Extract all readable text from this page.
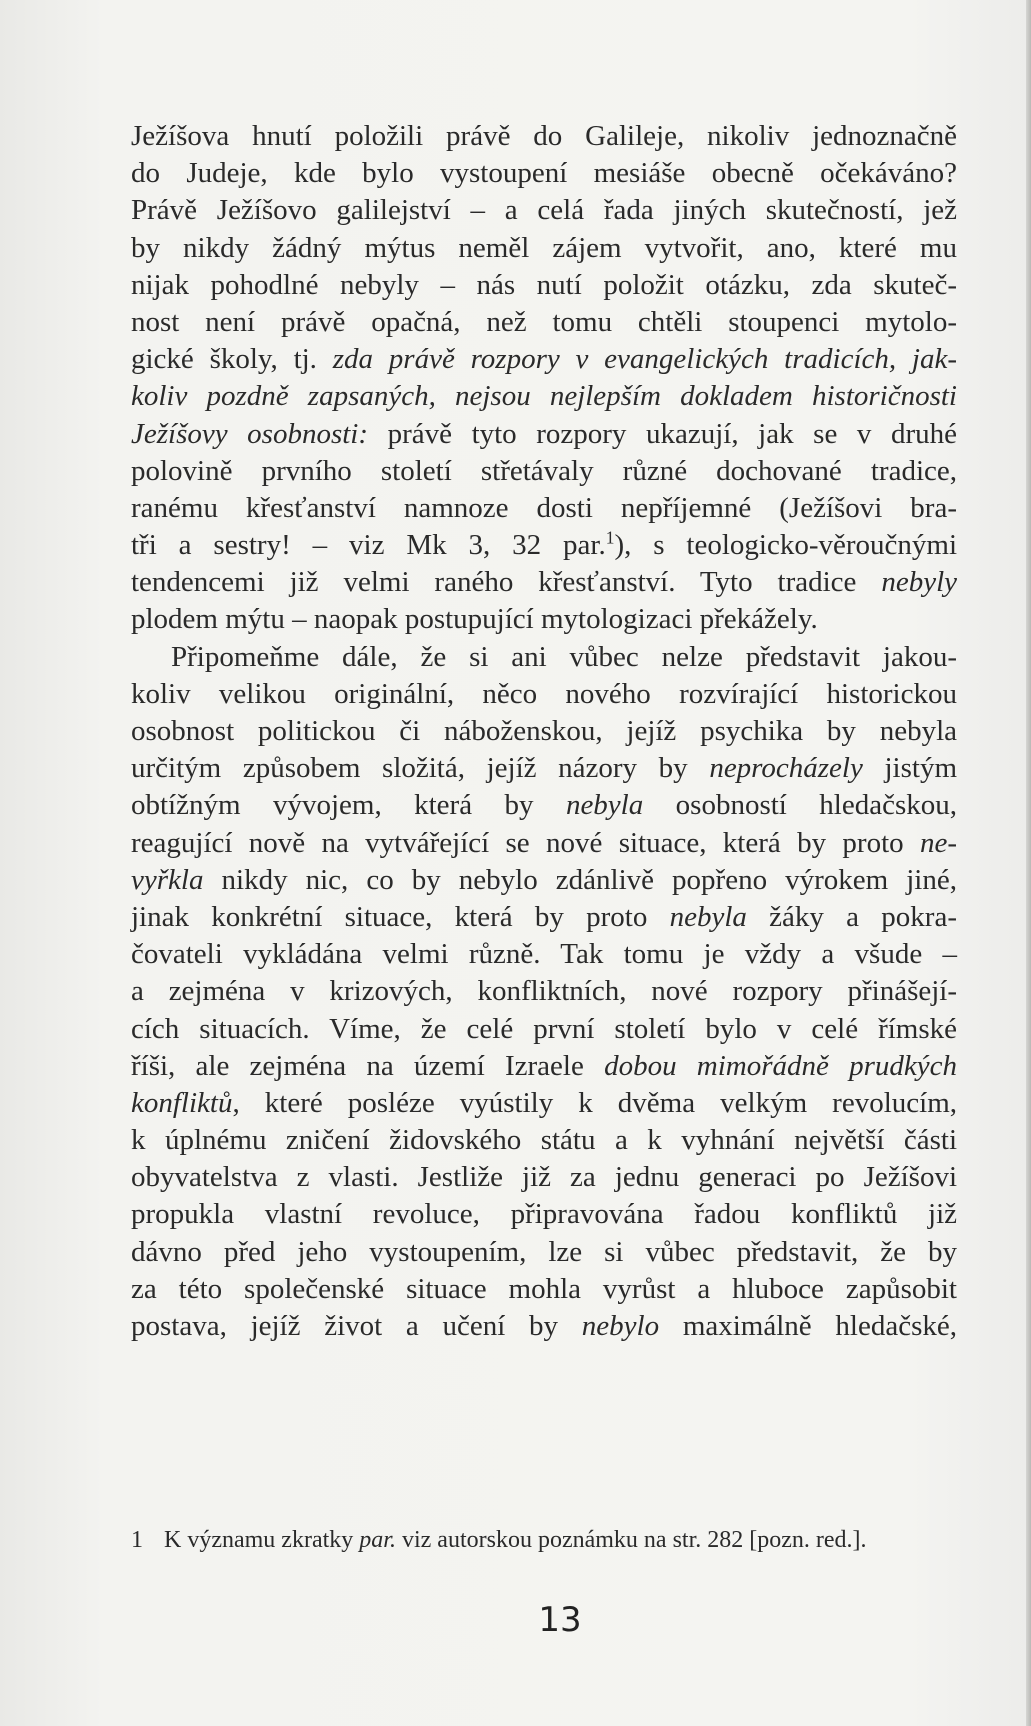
Ježíšova hnutí položili právě do Galileje, nikoliv jednoznačně
do Judeje, kde bylo vystoupení mesiáše obecně očekáváno?
Právě Ježíšovo galilejství – a celá řada jiných skutečností, jež
by nikdy žádný mýtus neměl zájem vytvořit, ano, které mu
nijak pohodlné nebyly – nás nutí položit otázku, zda skuteč-
nost není právě opačná, než tomu chtěli stoupenci mytolo-
gické školy, tj. zda právě rozpory v evangelických tradicích, jak-
koliv pozdně zapsaných, nejsou nejlepším dokladem historičnosti
Ježíšovy osobnosti: právě tyto rozpory ukazují, jak se v druhé
polovině prvního století střetávaly různé dochované tradice,
ranému křesťanství namnoze dosti nepříjemné (Ježíšovi bra-
tři a sestry! – viz Mk 3, 32 par.$^1$), s teologicko-věroučnými
tendencemi již velmi raného křesťanství. Tyto tradice nebyly
plodem mýtu – naopak postupující mytologizaci překážely.
Připomeňme dále, že si ani vůbec nelze představit jakou-
koliv velikou originální, něco nového rozvírající historickou
osobnost politickou či náboženskou, jejíž psychika by nebyla
určitým způsobem složitá, jejíž názory by neprocházely jistým
obtížným vývojem, která by nebyla osobností hledačskou,
reagující nově na vytvářející se nové situace, která by proto ne-
vyřkla nikdy nic, co by nebylo zdánlivě popřeno výrokem jiné,
jinak konkrétní situace, která by proto nebyla žáky a pokra-
čovateli vykládána velmi různě. Tak tomu je vždy a všude –
a zejména v krizových, konfliktních, nové rozpory přinášejí-
cích situacích. Víme, že celé první století bylo v celé římské
říši, ale zejména na území Izraele dobou mimořádně prudkých
konfliktů, které posléze vyústily k dvěma velkým revolucím,
k úplnému zničení židovského státu a k vyhnání největší části
obyvatelstva z vlasti. Jestliže již za jednu generaci po Ježíšovi
propukla vlastní revoluce, připravována řadou konfliktů již
dávno před jeho vystoupením, lze si vůbec představit, že by
za této společenské situace mohla vyrůst a hluboce zapůsobit
postava, jejíž život a učení by nebylo maximálně hledačské,
1 K významu zkratky par. viz autorskou poznámku na str. 282 [pozn. red.].
13
